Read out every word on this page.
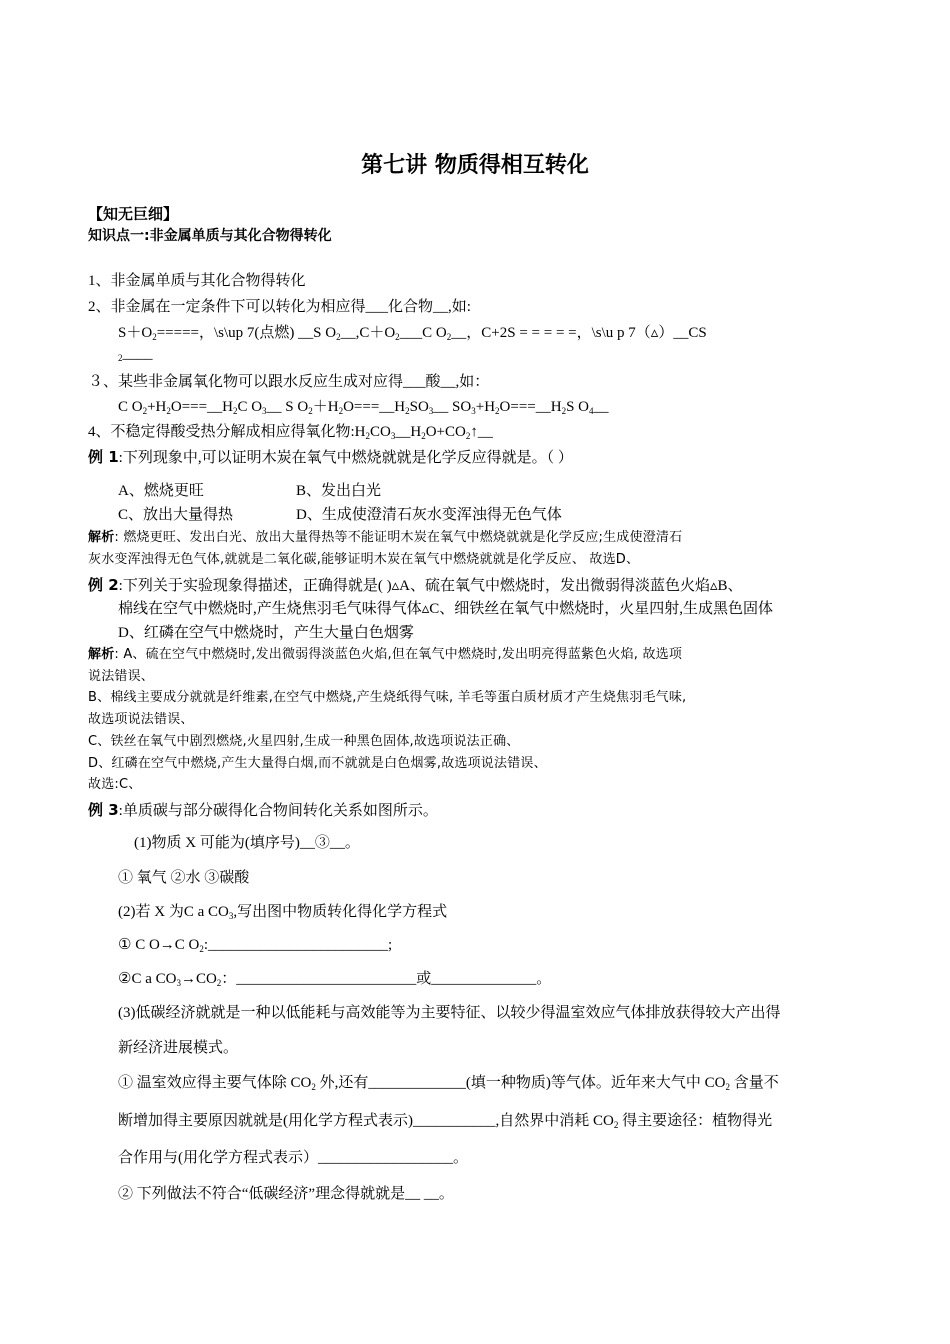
第七讲 物质得相互转化
【知无巨细】
知识点一:非金属单质与其化合物得转化
1、非金属单质与其化合物得转化
2、非金属在一定条件下可以转化为相应得___化合物__,如:
$S+O_2=====$，\s\up 7(点燃) __S $O_2\_\_,C+O_2\_\_\_C$ $O_2\_\_$，C+2S = = = = =，\s\u p 7（▵）__CS
$_2$____
３、某些非金属氧化物可以跟水反应生成对应得___酸__,如：
C $O_2+H_2O===\_\_H_2C$ $O_3\_\_$ S $O_2+H_2O===\_\_H_2SO_3\_\_$ $SO_3+H_2O===\_\_H_2S$ $O_4\_\_$
4、不稳定得酸受热分解成相应得氧化物$:H_2CO_3\_\_H_2O+CO_2↑\_\_$
例 1:下列现象中,可以证明木炭在氧气中燃烧就就是化学反应得就是。（ ）
A、燃烧更旺	B、发出白光
C、放出大量得热	D、生成使澄清石灰水变浑浊得无色气体
解析: 燃烧更旺、发出白光、放出大量得热等不能证明木炭在氧气中燃烧就就是化学反应;生成使澄清石
灰水变浑浊得无色气体,就就是二氧化碳,能够证明木炭在氧气中燃烧就就是化学反应、 故选D、
例 2:下列关于实验现象得描述，正确得就是( )▵A、硫在氧气中燃烧时，发出微弱得淡蓝色火焰▵B、
棉线在空气中燃烧时,产生烧焦羽毛气味得气体▵C、细铁丝在氧气中燃烧时，火星四射,生成黑色固体
D、红磷在空气中燃烧时，产生大量白色烟雾
解析: A、硫在空气中燃烧时,发出微弱得淡蓝色火焰,但在氧气中燃烧时,发出明亮得蓝紫色火焰, 故选项
说法错误、
B、棉线主要成分就就是纤维素,在空气中燃烧,产生烧纸得气味, 羊毛等蛋白质材质才产生烧焦羽毛气味,
故选项说法错误、
C、铁丝在氧气中剧烈燃烧,火星四射,生成一种黑色固体,故选项说法正确、
D、红磷在空气中燃烧,产生大量得白烟,而不就就是白色烟雾,故选项说法错误、
故选:C、
例 3:单质碳与部分碳得化合物间转化关系如图所示。
(1)物质 X 可能为(填序号)__③__。
① 氧气 ②水 ③碳酸
(2)若 X 为C a $CO_3$,写出图中物质转化得化学方程式
① C O→C $O_2:\_\_\_\_\_\_\_\_\_\_\_\_\_\_\_\_\_\_\_\_\_\_\_\_$;
②C a $CO_3\to CO_2$：________________________或______________。
(3)低碳经济就就是一种以低能耗与高效能等为主要特征、以较少得温室效应气体排放获得较大产出得
新经济进展模式。
① 温室效应得主要气体除 $CO_2$ 外,还有_____________(填一种物质)等气体。近年来大气中 $CO_2$ 含量不
断增加得主要原因就就是(用化学方程式表示)___________,自然界中消耗 $CO_2$ 得主要途径：植物得光
合作用与(用化学方程式表示）__________________。
② 下列做法不符合“低碳经济”理念得就就是__ __。
